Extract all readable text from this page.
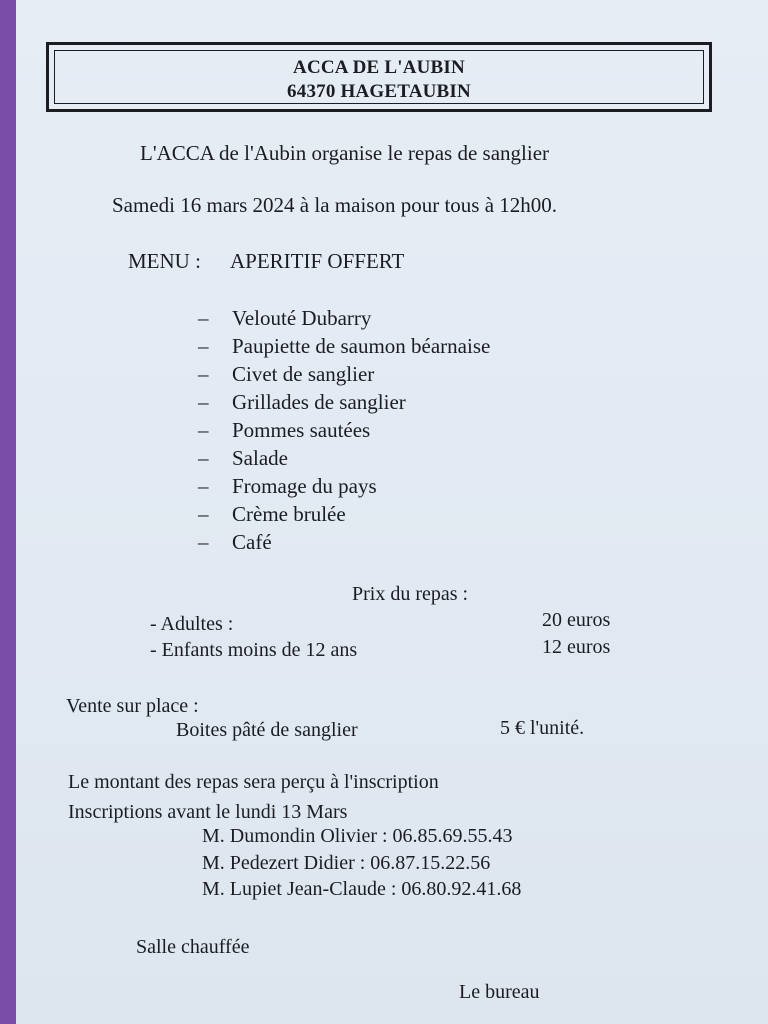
ACCA DE L'AUBIN
64370 HAGETAUBIN
L'ACCA de l'Aubin organise le repas de sanglier
Samedi 16 mars 2024 à la maison pour tous à 12h00.
MENU : APERITIF OFFERT
– Velouté Dubarry
– Paupiette de saumon béarnaise
– Civet de sanglier
– Grillades de sanglier
– Pommes sautées
– Salade
– Fromage du pays
– Crème brulée
– Café
Prix du repas :
- Adultes :	20 euros
- Enfants moins de 12 ans	12 euros
Vente sur place :
Boites pâté de sanglier	5 € l'unité.
Le montant des repas sera perçu à l'inscription
Inscriptions avant le lundi 13 Mars
M. Dumondin Olivier : 06.85.69.55.43
M. Pedezert Didier : 06.87.15.22.56
M. Lupiet Jean-Claude : 06.80.92.41.68
Salle chauffée
Le bureau
